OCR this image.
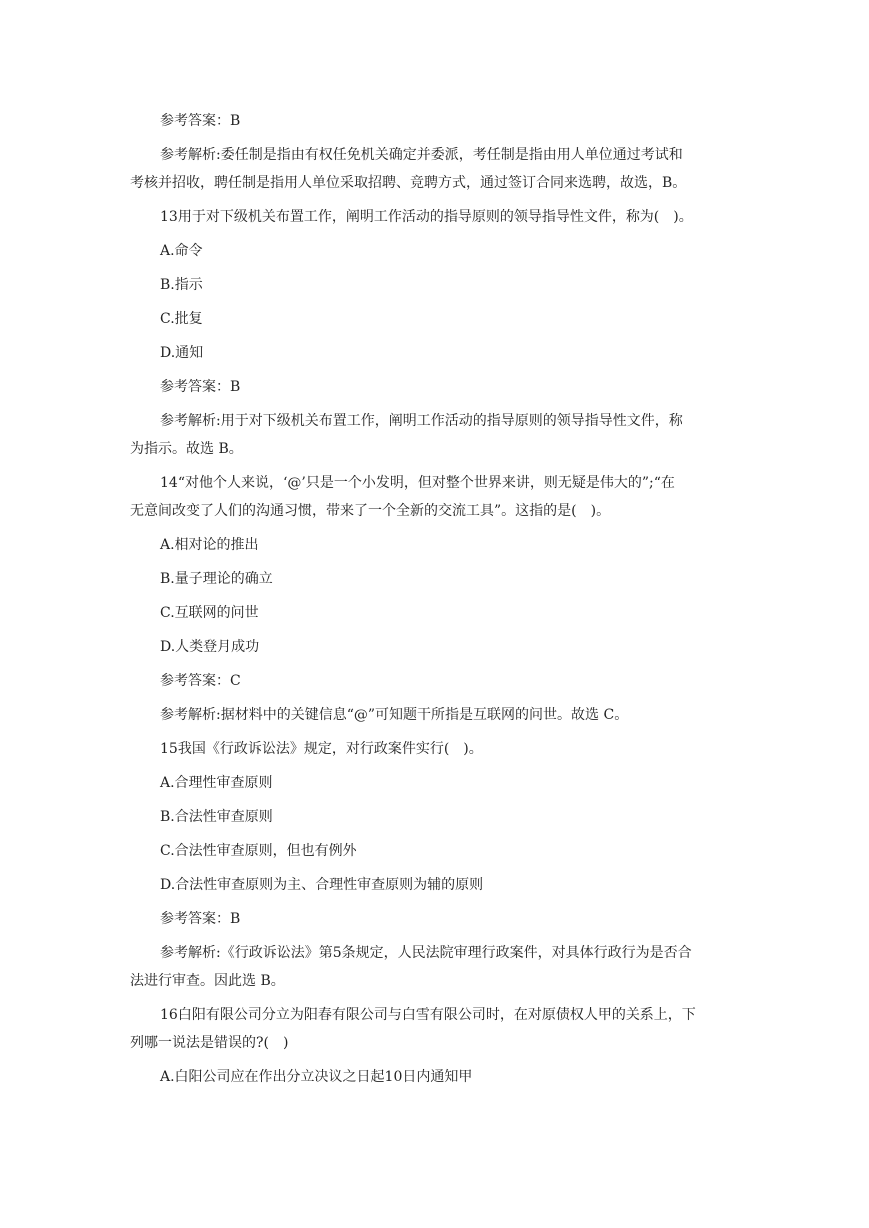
参考答案：B
参考解析:委任制是指由有权任免机关确定并委派，考任制是指由用人单位通过考试和
考核并招收，聘任制是指用人单位采取招聘、竞聘方式，通过签订合同来选聘，故选，B。
13用于对下级机关布置工作，阐明工作活动的指导原则的领导指导性文件，称为(　)。
A.命令
B.指示
C.批复
D.通知
参考答案：B
参考解析:用于对下级机关布置工作，阐明工作活动的指导原则的领导指导性文件，称
为指示。故选 B。
14“对他个人来说，‘@’只是一个小发明，但对整个世界来讲，则无疑是伟大的”;“在
无意间改变了人们的沟通习惯，带来了一个全新的交流工具”。这指的是(　)。
A.相对论的推出
B.量子理论的确立
C.互联网的问世
D.人类登月成功
参考答案：C
参考解析:据材料中的关键信息“@”可知题干所指是互联网的问世。故选 C。
15我国《行政诉讼法》规定，对行政案件实行(　)。
A.合理性审查原则
B.合法性审查原则
C.合法性审查原则，但也有例外
D.合法性审查原则为主、合理性审查原则为辅的原则
参考答案：B
参考解析:《行政诉讼法》第5条规定，人民法院审理行政案件，对具体行政行为是否合
法进行审查。因此选 B。
16白阳有限公司分立为阳春有限公司与白雪有限公司时，在对原债权人甲的关系上，下
列哪一说法是错误的?(　)
A.白阳公司应在作出分立决议之日起10日内通知甲
